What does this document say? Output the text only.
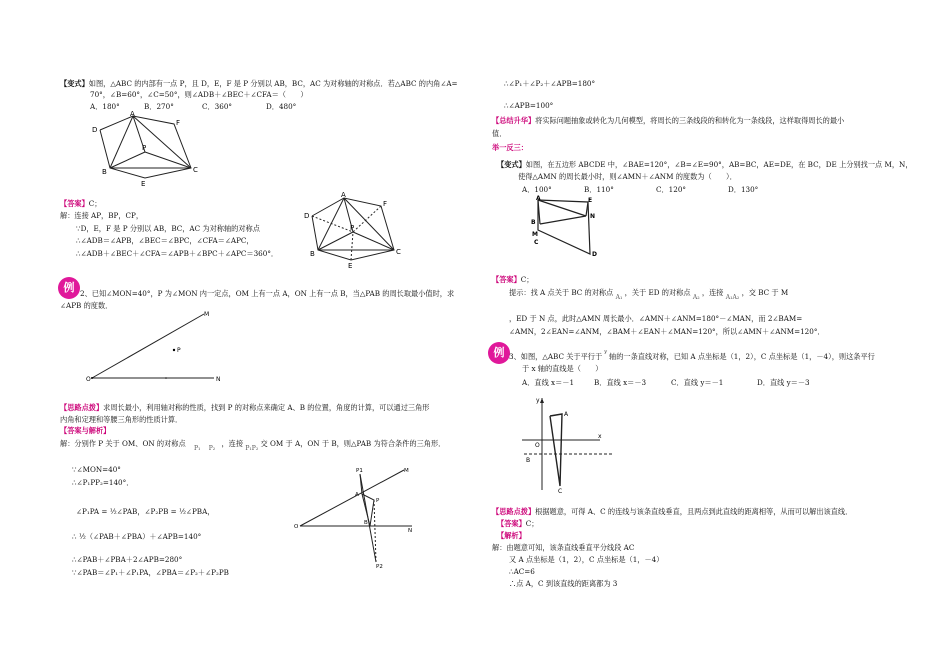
【变式】如图，△ABC 的内部有一点 P，且 D，E，F 是 P 分别以 AB，BC，AC 为对称轴的对称点．若△ABC 的内角∠A=
70°，∠B=60°，∠C=50°，则∠ADB＋∠BEC＋∠CFA＝（　　）
A．180°	B．270°	C．360°	D．480°
A
D
F
P
B	C
E
【答案】C；
解：连接 AP，BP，CP，
∵D，E，F 是 P 分别以 AB，BC，AC 为对称轴的对称点
∴∠ADB＝∠APB，∠BEC＝∠BPC，∠CFA＝∠APC，
∴∠ADB＋∠BEC＋∠CFA＝∠APB＋∠BPC＋∠APC＝360°．
A
D
F
P
B	C
E
例 2、已知∠MON=40°，P 为∠MON 内一定点，OM 上有一点 A，ON 上有一点 B，当△PAB 的周长取最小值时，求
∠APB 的度数．
M
P
O	N
【思路点拨】求周长最小，利用轴对称的性质，找到 P 的对称点来确定 A、B 的位置，角度的计算，可以通过三角形
内角和定理和等腰三角形的性质计算．
【答案与解析】
解：分别作 P 关于 OM、ON 的对称点 $_{P_1}$ $_{P_2}$ ，连接 $_{P_1P_2}$ 交 OM 于 A，ON 于 B，则△PAB 为符合条件的三角形．
∵∠MON=40°
∴∠P₁PP₂=140°．
∠P₁PA = ½∠PAB，∠P₂PB = ½∠PBA，
∴ ½（∠PAB＋∠PBA）＋∠APB=140°
∴∠PAB＋∠PBA＋2∠APB=280°
∵∠PAB＝∠P₁＋∠P₁PA，∠PBA＝∠P₂＋∠P₂PB
P1	M
A
P
O
B
N
P2
∴∠P₁＋∠P₂＋∠APB=180°
∴∠APB=100°
【总结升华】将实际问题抽象或转化为几何模型，将周长的三条线段的和转化为一条线段，这样取得周长的最小
值．
举一反三：
【变式】如图，在五边形 ABCDE 中，∠BAE=120°，∠B=∠E=90°，AB=BC，AE=DE，在 BC，DE 上分别找一点 M，N，
使得△AMN 的周长最小时，则∠AMN＋∠ANM 的度数为（　　）．
A．100°	B．110°	C．120°	D．130°
A	E
N
B
M
C
D
【答案】C；
提示：找 A 点关于 BC 的对称点 $_{A_1}$ ，关于 ED 的对称点 $_{A_2}$ ，连接 $_{A_1A_2}$ ，交 BC 于 M
，ED 于 N 点，此时△AMN 周长最小．∠AMN＋∠ANM=180°－∠MAN，而 2∠BAM=
∠AMN，2∠EAN=∠ANM，∠BAM＋∠EAN＋∠MAN=120°，所以∠AMN＋∠ANM=120°．
例 3、如图，△ABC 关于平行于 $^y$ 轴的一条直线对称，已知 A 点坐标是（1，2），C 点坐标是（1，－4），则这条平行
于 x 轴的直线是（　　）
A．直线 x＝－1	B．直线 x＝－3	C．直线 y＝－1	D．直线 y＝－3
y
A
O
x
B
C
【思路点拨】根据题意，可得 A、C 的连线与该条直线垂直，且两点到此直线的距离相等，从而可以解出该直线．
【答案】C；
【解析】
解：由题意可知，该条直线垂直平分线段 AC
又 A 点坐标是（1，2），C 点坐标是（1，－4）
∴AC=6
∴点 A，C 到该直线的距离都为 3
